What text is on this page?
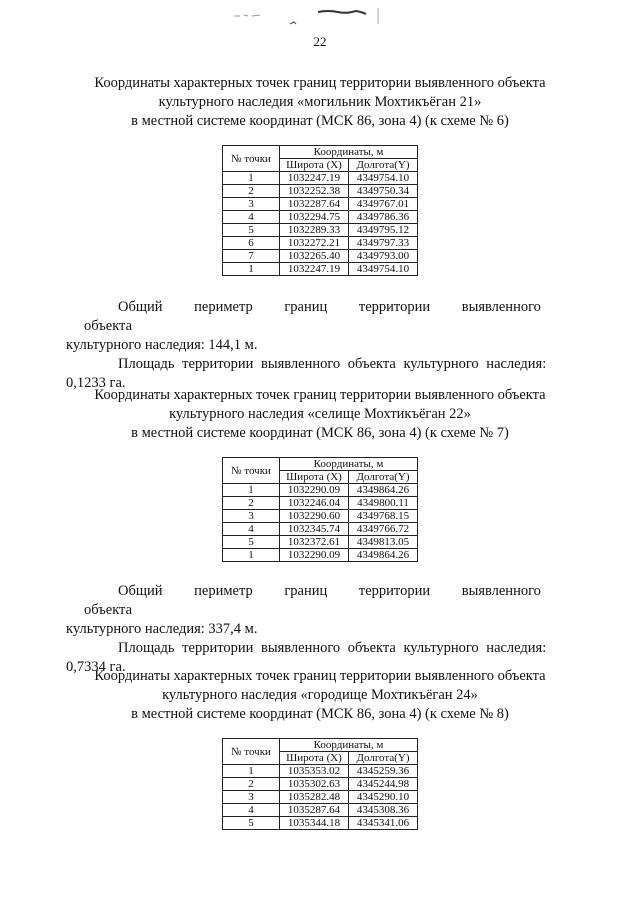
22
Координаты характерных точек границ территории выявленного объекта
культурного наследия «могильник Мохтикъёган 21»
в местной системе координат (МСК 86, зона 4) (к схеме № 6)
№ точки	Координаты, м	
	Широта (X)	Долгота(Y)
1	1032247.19	4349754.10
2	1032252.38	4349750.34
3	1032287.64	4349767.01
4	1032294.75	4349786.36
5	1032289.33	4349795.12
6	1032272.21	4349797.33
7	1032265.40	4349793.00
1	1032247.19	4349754.10

Общий периметр границ территории выявленного объекта

культурного наследия: 144,1 м.

Площадь территории выявленного объекта культурного наследия:

0,1233 га.

Координаты характерных точек границ территории выявленного объекта
культурного наследия «селище Мохтикъёган 22»
в местной системе координат (МСК 86, зона 4) (к схеме № 7)
№ точки	Координаты, м	
	Широта (X)	Долгота(Y)
1	1032290.09	4349864.26
2	1032246.04	4349800.11
3	1032290.60	4349768.15
4	1032345.74	4349766.72
5	1032372.61	4349813.05
1	1032290.09	4349864.26

Общий периметр границ территории выявленного объекта

культурного наследия: 337,4 м.

Площадь территории выявленного объекта культурного наследия:

0,7334 га.

Координаты характерных точек границ территории выявленного объекта
культурного наследия «городище Мохтикъёган 24»
в местной системе координат (МСК 86, зона 4) (к схеме № 8)
№ точки	Координаты, м	
	Широта (X)	Долгота(Y)
1	1035353.02	4345259.36
2	1035302.63	4345244.98
3	1035282.48	4345290.10
4	1035287.64	4345308.36
5	1035344.18	4345341.06
